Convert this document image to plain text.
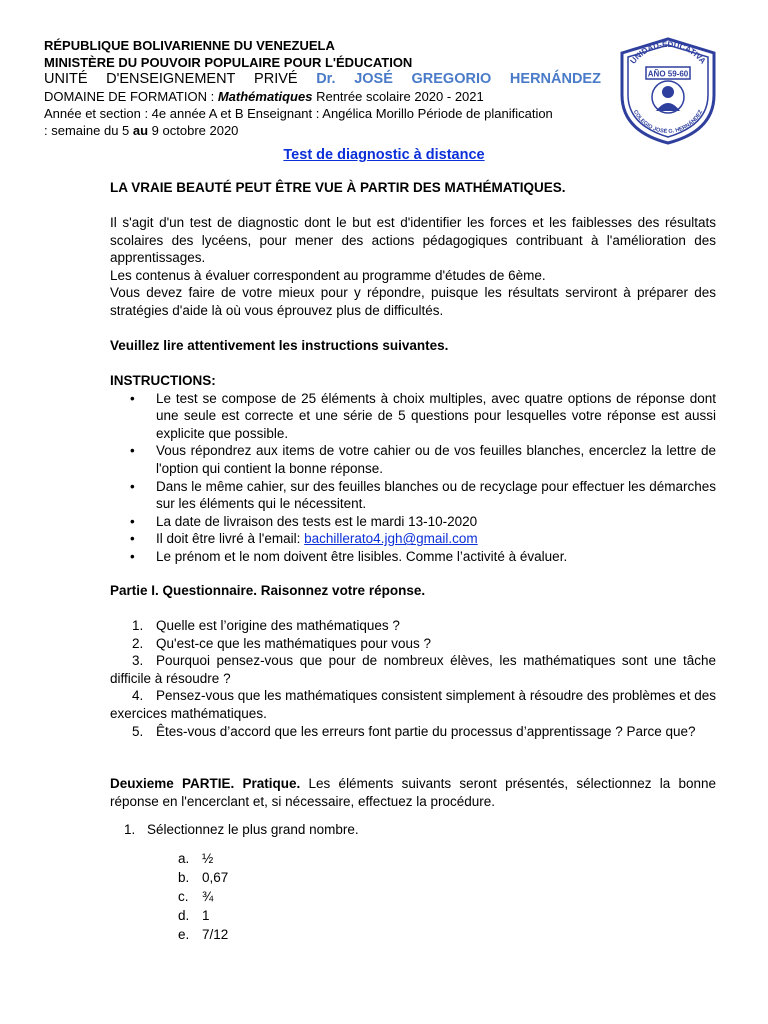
RÉPUBLIQUE BOLIVARIENNE DU VENEZUELA
MINISTÈRE DU POUVOIR POPULAIRE POUR L'ÉDUCATION
UNITÉ D'ENSEIGNEMENT PRIVÉ Dr. JOSÉ GREGORIO HERNÁNDEZ
DOMAINE DE FORMATION : Mathématiques Rentrée scolaire 2020 - 2021
Année et section : 4e année A et B Enseignant : Angélica Morillo Période de planification
: semaine du 5 au 9 octobre 2020
UNIDAD-EDUCATIVA
AÑO 59-60
COLEGIO JOSÉ G. HERNÁNDEZ
Test de diagnostic à distance

LA VRAIE BEAUTÉ PEUT ÊTRE VUE À PARTIR DES MATHÉMATIQUES.

Il s'agit d'un test de diagnostic dont le but est d'identifier les forces et les faiblesses des résultats scolaires des lycéens, pour mener des actions pédagogiques contribuant à l'amélioration des apprentissages.

Les contenus à évaluer correspondent au programme d'études de 6ème.

Vous devez faire de votre mieux pour y répondre, puisque les résultats serviront à préparer des stratégies d'aide là où vous éprouvez plus de difficultés.

Veuillez lire attentivement les instructions suivantes.

INSTRUCTIONS:

• Le test se compose de 25 éléments à choix multiples, avec quatre options de réponse dont une seule est correcte et une série de 5 questions pour lesquelles votre réponse est aussi explicite que possible.
• Vous répondrez aux items de votre cahier ou de vos feuilles blanches, encerclez la lettre de l'option qui contient la bonne réponse.
• Dans le même cahier, sur des feuilles blanches ou de recyclage pour effectuer les démarches sur les éléments qui le nécessitent.
• La date de livraison des tests est le mardi 13-10-2020
• Il doit être livré à l'email: bachillerato4.jgh@gmail.com
• Le prénom et le nom doivent être lisibles. Comme l’activité à évaluer.

Partie I. Questionnaire. Raisonnez votre réponse.

1. Quelle est l’origine des mathématiques ?
2. Qu'est-ce que les mathématiques pour vous ?
3. Pourquoi pensez-vous que pour de nombreux élèves, les mathématiques sont une tâche difficile à résoudre ?
4. Pensez-vous que les mathématiques consistent simplement à résoudre des problèmes et des exercices mathématiques.
5. Êtes-vous d’accord que les erreurs font partie du processus d’apprentissage ? Parce que?

Deuxieme PARTIE. Pratique. Les éléments suivants seront présentés, sélectionnez la bonne réponse en l'encerclant et, si nécessaire, effectuez la procédure.

1. Sélectionnez le plus grand nombre.

a. ½
b. 0,67
c. ¾
d. 1
e. 7/12
